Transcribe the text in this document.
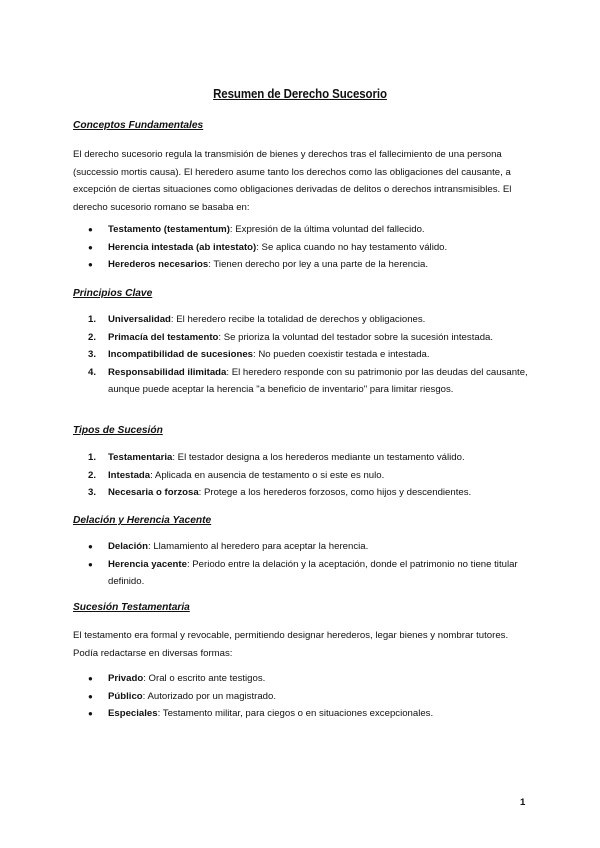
Resumen de Derecho Sucesorio
Conceptos Fundamentales
El derecho sucesorio regula la transmisión de bienes y derechos tras el fallecimiento de una persona (successio mortis causa). El heredero asume tanto los derechos como las obligaciones del causante, a excepción de ciertas situaciones como obligaciones derivadas de delitos o derechos intransmisibles. El derecho sucesorio romano se basaba en:
● Testamento (testamentum): Expresión de la última voluntad del fallecido.
● Herencia intestada (ab intestato): Se aplica cuando no hay testamento válido.
● Herederos necesarios: Tienen derecho por ley a una parte de la herencia.
Principios Clave
1. Universalidad: El heredero recibe la totalidad de derechos y obligaciones.
2. Primacía del testamento: Se prioriza la voluntad del testador sobre la sucesión intestada.
3. Incompatibilidad de sucesiones: No pueden coexistir testada e intestada.
4. Responsabilidad ilimitada: El heredero responde con su patrimonio por las deudas del causante, aunque puede aceptar la herencia "a beneficio de inventario" para limitar riesgos.
Tipos de Sucesión
1. Testamentaria: El testador designa a los herederos mediante un testamento válido.
2. Intestada: Aplicada en ausencia de testamento o si este es nulo.
3. Necesaria o forzosa: Protege a los herederos forzosos, como hijos y descendientes.
Delación y Herencia Yacente
● Delación: Llamamiento al heredero para aceptar la herencia.
● Herencia yacente: Periodo entre la delación y la aceptación, donde el patrimonio no tiene titular definido.
Sucesión Testamentaria
El testamento era formal y revocable, permitiendo designar herederos, legar bienes y nombrar tutores. Podía redactarse en diversas formas:
● Privado: Oral o escrito ante testigos.
● Público: Autorizado por un magistrado.
● Especiales: Testamento militar, para ciegos o en situaciones excepcionales.
1
